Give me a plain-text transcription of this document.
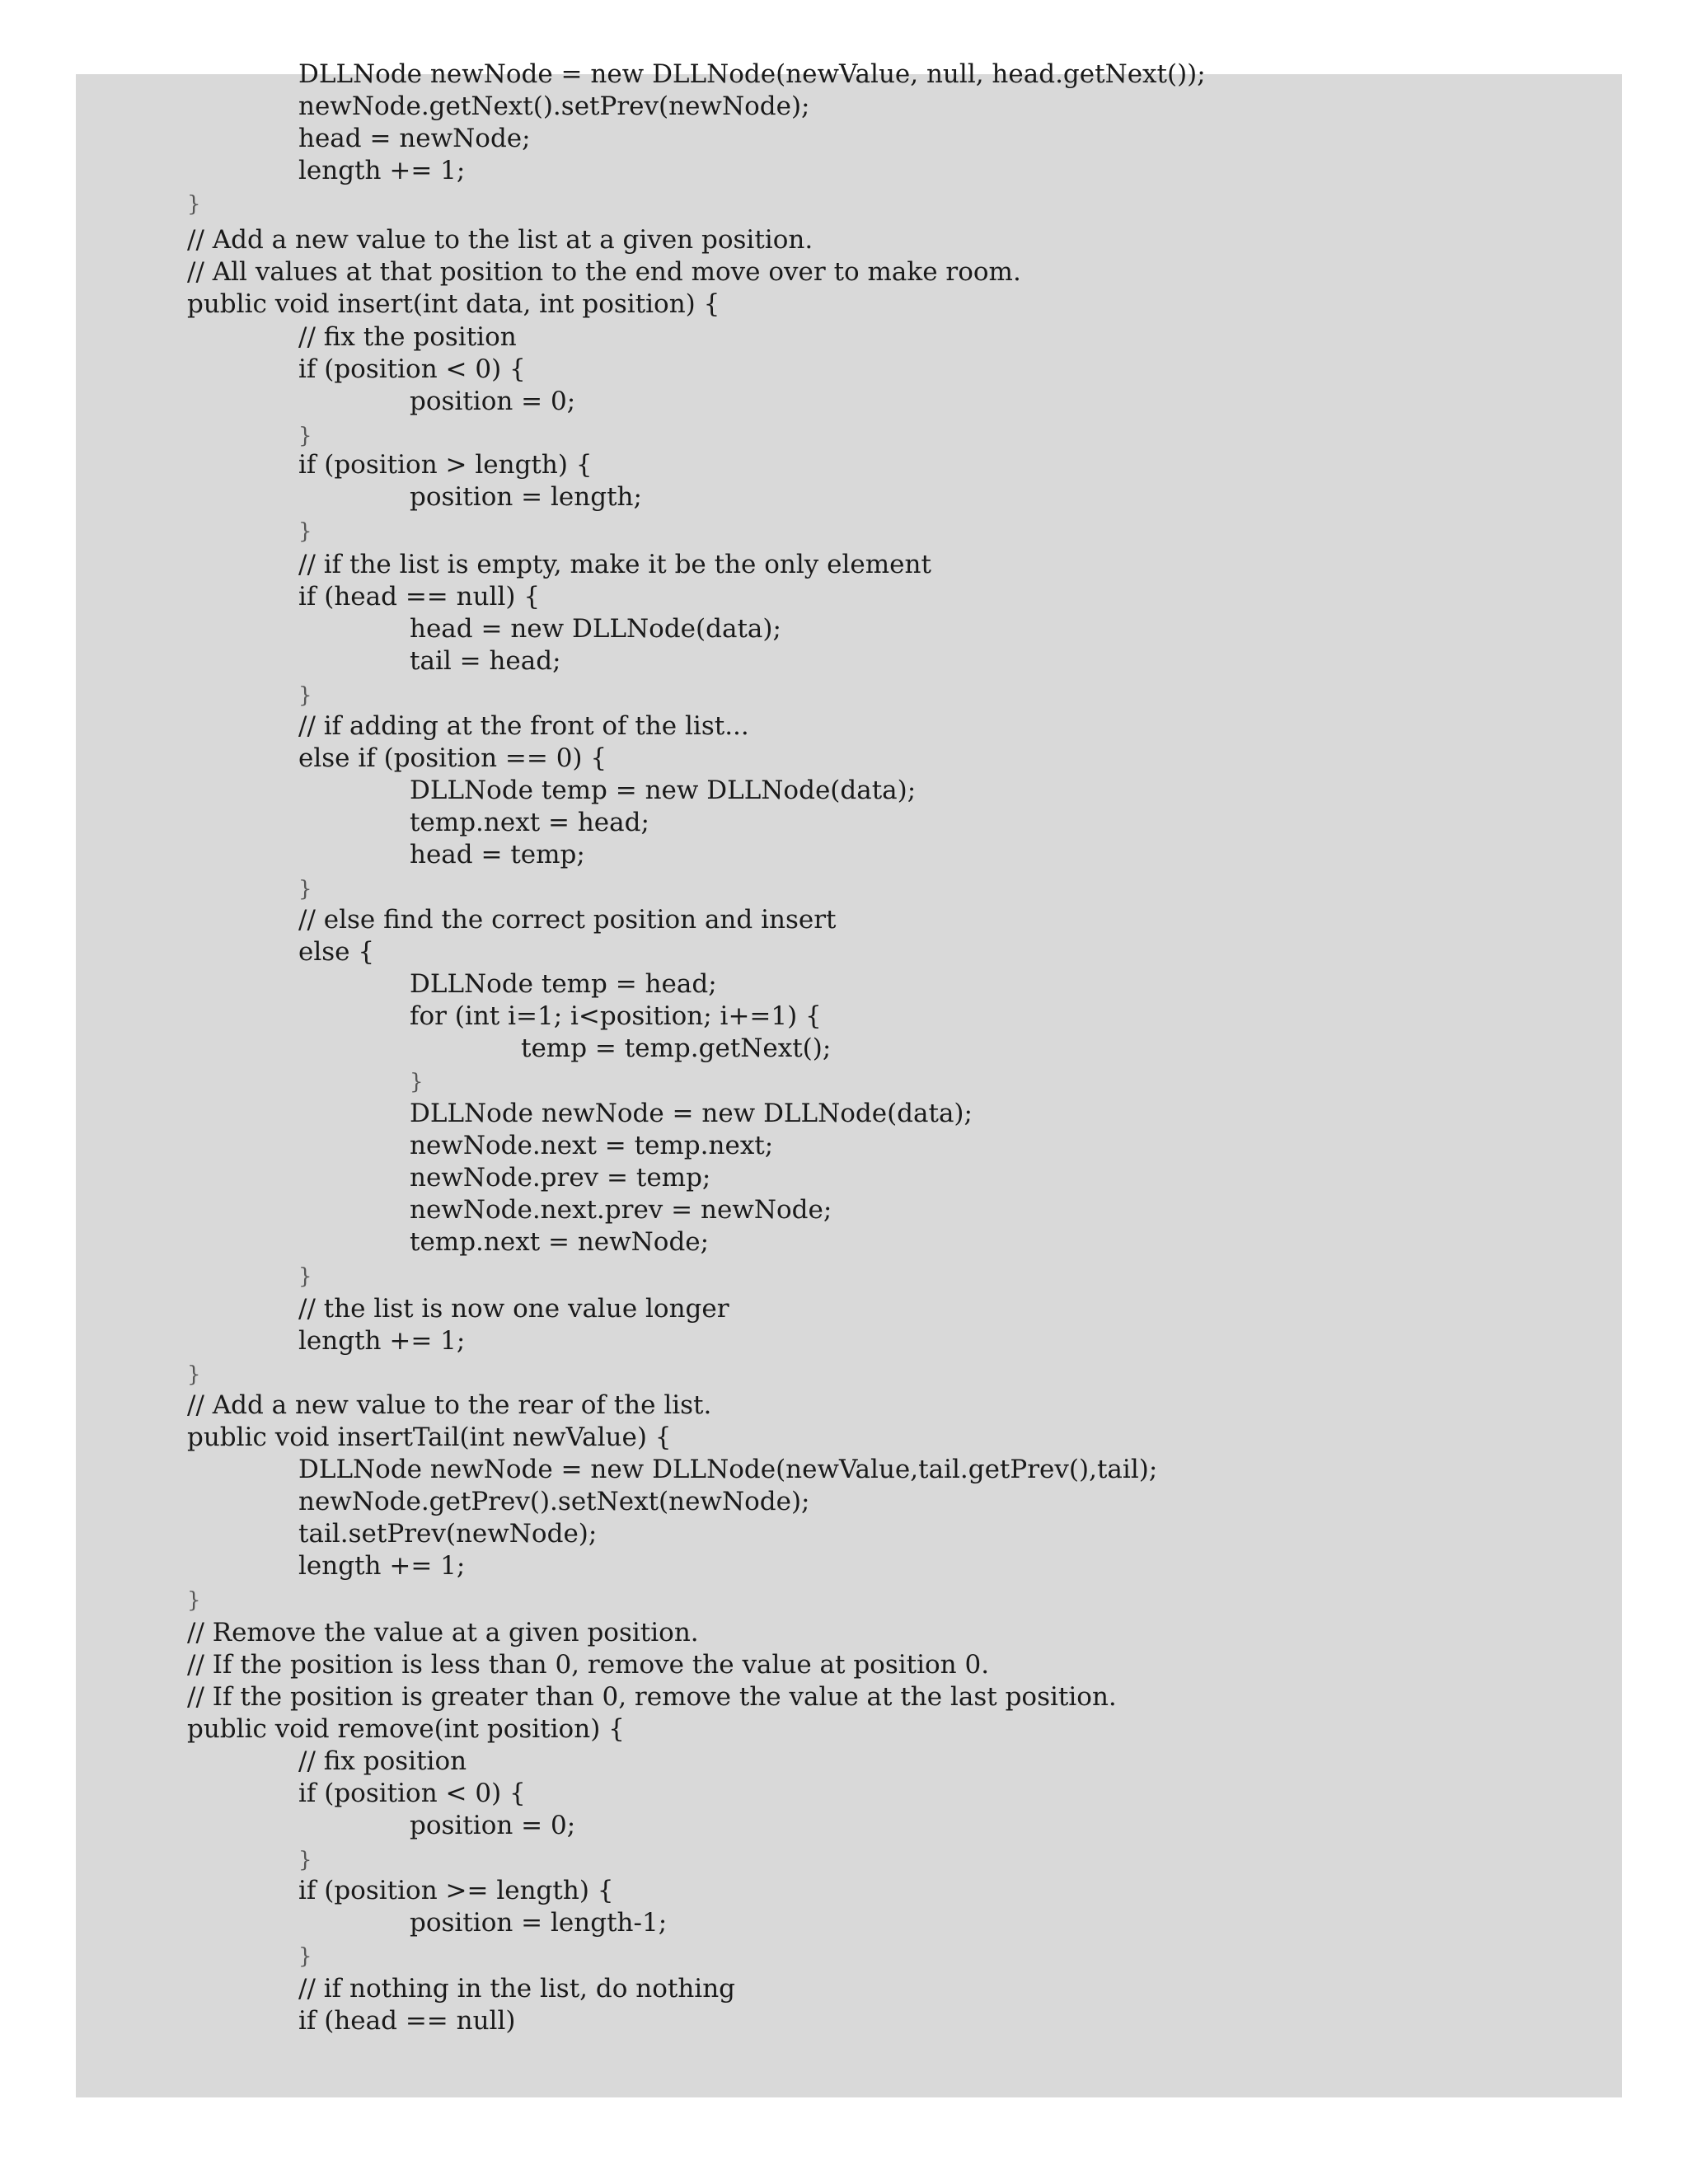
DLLNode newNode = new DLLNode(newValue, null, head.getNext());
newNode.getNext().setPrev(newNode);
head = newNode;
length += 1;
}
// Add a new value to the list at a given position.
// All values at that position to the end move over to make room.
public void insert(int data, int position) {
// fix the position
if (position < 0) {
position = 0;
}
if (position > length) {
position = length;
}
// if the list is empty, make it be the only element
if (head == null) {
head = new DLLNode(data);
tail = head;
}
// if adding at the front of the list...
else if (position == 0) {
DLLNode temp = new DLLNode(data);
temp.next = head;
head = temp;
}
// else find the correct position and insert
else {
DLLNode temp = head;
for (int i=1; i<position; i+=1) {
temp = temp.getNext();
}
DLLNode newNode = new DLLNode(data);
newNode.next = temp.next;
newNode.prev = temp;
newNode.next.prev = newNode;
temp.next = newNode;
}
// the list is now one value longer
length += 1;
}
// Add a new value to the rear of the list.
public void insertTail(int newValue) {
DLLNode newNode = new DLLNode(newValue,tail.getPrev(),tail);
newNode.getPrev().setNext(newNode);
tail.setPrev(newNode);
length += 1;
}
// Remove the value at a given position.
// If the position is less than 0, remove the value at position 0.
// If the position is greater than 0, remove the value at the last position.
public void remove(int position) {
// fix position
if (position < 0) {
position = 0;
}
if (position >= length) {
position = length-1;
}
// if nothing in the list, do nothing
if (head == null)
